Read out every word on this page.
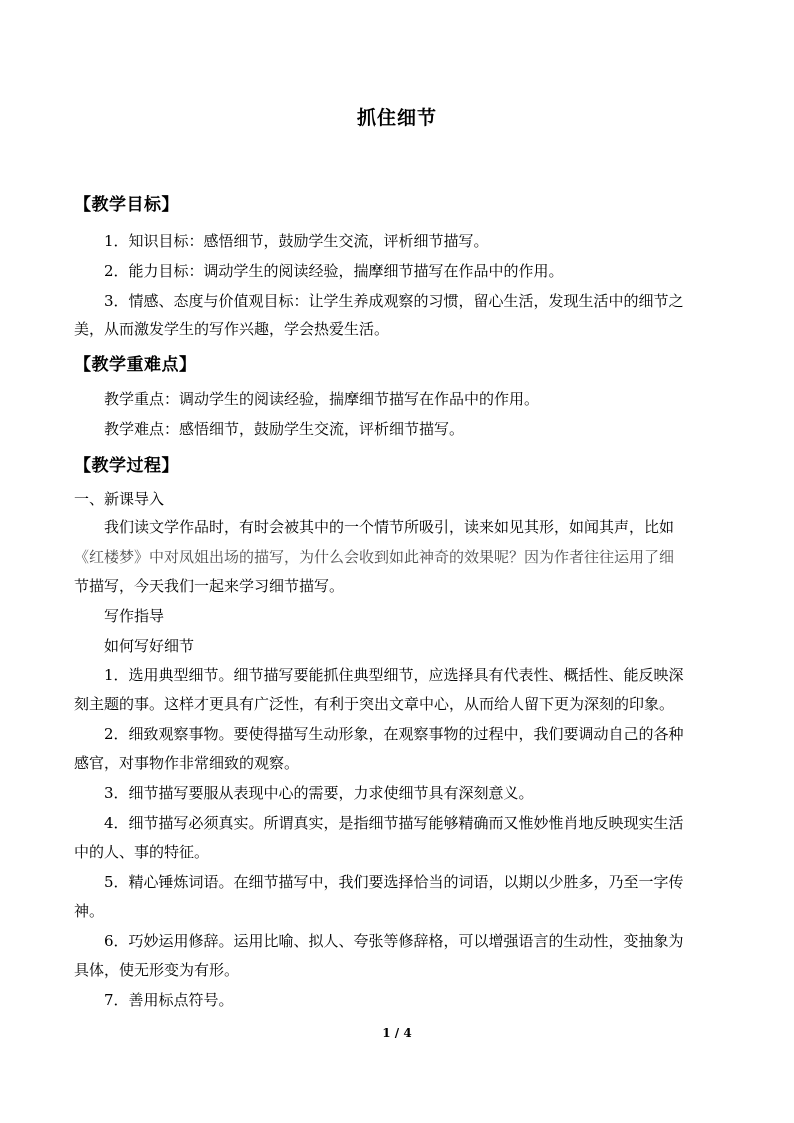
抓住细节
【教学目标】
1．知识目标：感悟细节，鼓励学生交流，评析细节描写。
2．能力目标：调动学生的阅读经验，揣摩细节描写在作品中的作用。
3．情感、态度与价值观目标：让学生养成观察的习惯，留心生活，发现生活中的细节之
美，从而激发学生的写作兴趣，学会热爱生活。
【教学重难点】
教学重点：调动学生的阅读经验，揣摩细节描写在作品中的作用。
教学难点：感悟细节，鼓励学生交流，评析细节描写。
【教学过程】
一、新课导入
我们读文学作品时，有时会被其中的一个情节所吸引，读来如见其形，如闻其声，比如
《红楼梦》中对凤姐出场的描写，为什么会收到如此神奇的效果呢？因为作者往往运用了细
节描写，今天我们一起来学习细节描写。
写作指导
如何写好细节
1．选用典型细节。细节描写要能抓住典型细节，应选择具有代表性、概括性、能反映深
刻主题的事。这样才更具有广泛性，有利于突出文章中心，从而给人留下更为深刻的印象。
2．细致观察事物。要使得描写生动形象，在观察事物的过程中，我们要调动自己的各种
感官，对事物作非常细致的观察。
3．细节描写要服从表现中心的需要，力求使细节具有深刻意义。
4．细节描写必须真实。所谓真实，是指细节描写能够精确而又惟妙惟肖地反映现实生活
中的人、事的特征。
5．精心锤炼词语。在细节描写中，我们要选择恰当的词语，以期以少胜多，乃至一字传
神。
6．巧妙运用修辞。运用比喻、拟人、夸张等修辞格，可以增强语言的生动性，变抽象为
具体，使无形变为有形。
7．善用标点符号。
1 / 4
